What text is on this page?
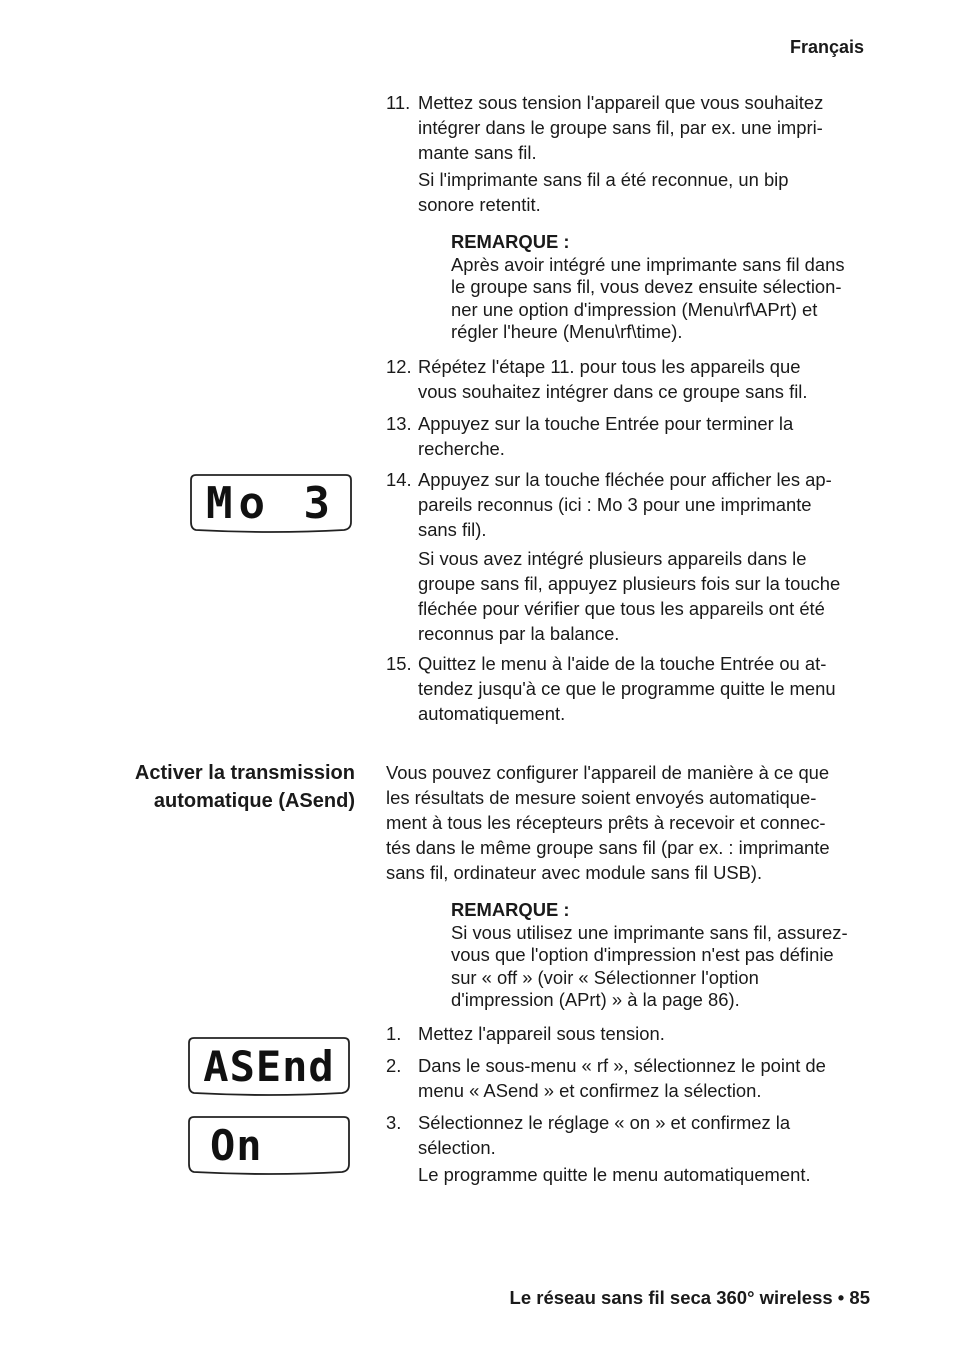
Français
11. Mettez sous tension l'appareil que vous souhaitez

intégrer dans le groupe sans fil, par ex. une impri-

mante sans fil.

Si l'imprimante sans fil a été reconnue, un bip

sonore retentit.

REMARQUE :

Après avoir intégré une imprimante sans fil dans

le groupe sans fil, vous devez ensuite sélection-

ner une option d'impression (Menu\rf\APrt) et

régler l'heure (Menu\rf\time).

12. Répétez l'étape 11. pour tous les appareils que

vous souhaitez intégrer dans ce groupe sans fil.

13. Appuyez sur la touche Entrée pour terminer la

recherche.

14. Appuyez sur la touche fléchée pour afficher les ap-

pareils reconnus (ici : Mo 3 pour une imprimante

sans fil).

Si vous avez intégré plusieurs appareils dans le

groupe sans fil, appuyez plusieurs fois sur la touche

fléchée pour vérifier que tous les appareils ont été

reconnus par la balance.

15. Quittez le menu à l'aide de la touche Entrée ou at-

tendez jusqu'à ce que le programme quitte le menu

automatiquement.

Activer la transmission

automatique (ASend)

Vous pouvez configurer l'appareil de manière à ce que

les résultats de mesure soient envoyés automatique-

ment à tous les récepteurs prêts à recevoir et connec-

tés dans le même groupe sans fil (par ex. : imprimante

sans fil, ordinateur avec module sans fil USB).

REMARQUE :

Si vous utilisez une imprimante sans fil, assurez-

vous que l'option d'impression n'est pas définie

sur « off » (voir « Sélectionner l'option

d'impression (APrt) » à la page 86).

1. Mettez l'appareil sous tension.

2. Dans le sous-menu « rf », sélectionnez le point de

menu « ASend » et confirmez la sélection.

3. Sélectionnez le réglage « on » et confirmez la

sélection.

Le programme quitte le menu automatiquement.

Mo 3
ASEnd
On
Le réseau sans fil seca 360° wireless • 85
